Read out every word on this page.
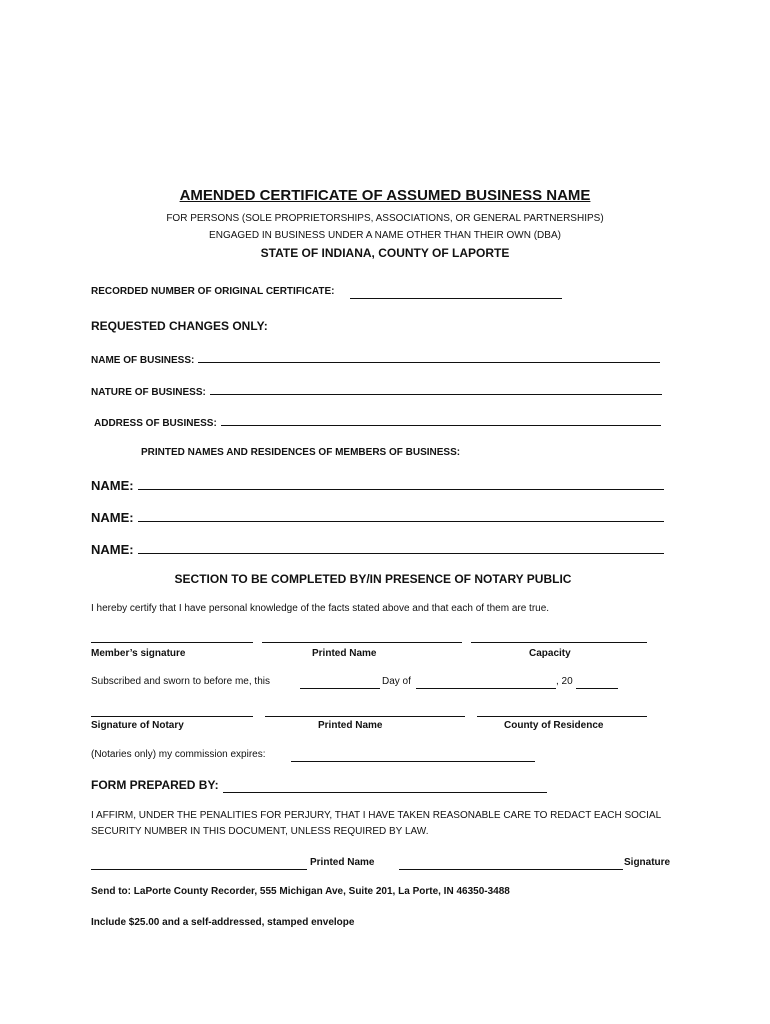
AMENDED CERTIFICATE OF ASSUMED BUSINESS NAME
FOR PERSONS (SOLE PROPRIETORSHIPS, ASSOCIATIONS, OR GENERAL PARTNERSHIPS)
ENGAGED IN BUSINESS UNDER A NAME OTHER THAN THEIR OWN (DBA)
STATE OF INDIANA, COUNTY OF LAPORTE
RECORDED NUMBER OF ORIGINAL CERTIFICATE:
REQUESTED CHANGES ONLY:
NAME OF BUSINESS:
NATURE OF BUSINESS:
ADDRESS OF BUSINESS:
PRINTED NAMES AND RESIDENCES OF MEMBERS OF BUSINESS:
NAME:
NAME:
NAME:
SECTION TO BE COMPLETED BY/IN PRESENCE OF NOTARY PUBLIC
I hereby certify that I have personal knowledge of the facts stated above and that each of them are true.
Member’s signature	Printed Name	Capacity
Subscribed and sworn to before me, this	Day of	, 20
Signature of Notary	Printed Name	County of Residence
(Notaries only) my commission expires:
FORM PREPARED BY:
I AFFIRM, UNDER THE PENALITIES FOR PERJURY, THAT I HAVE TAKEN REASONABLE CARE TO REDACT EACH SOCIAL
SECURITY NUMBER IN THIS DOCUMENT, UNLESS REQUIRED BY LAW.
Printed Name	Signature
Send to: LaPorte County Recorder, 555 Michigan Ave, Suite 201, La Porte, IN 46350-3488
Include $25.00 and a self-addressed, stamped envelope
